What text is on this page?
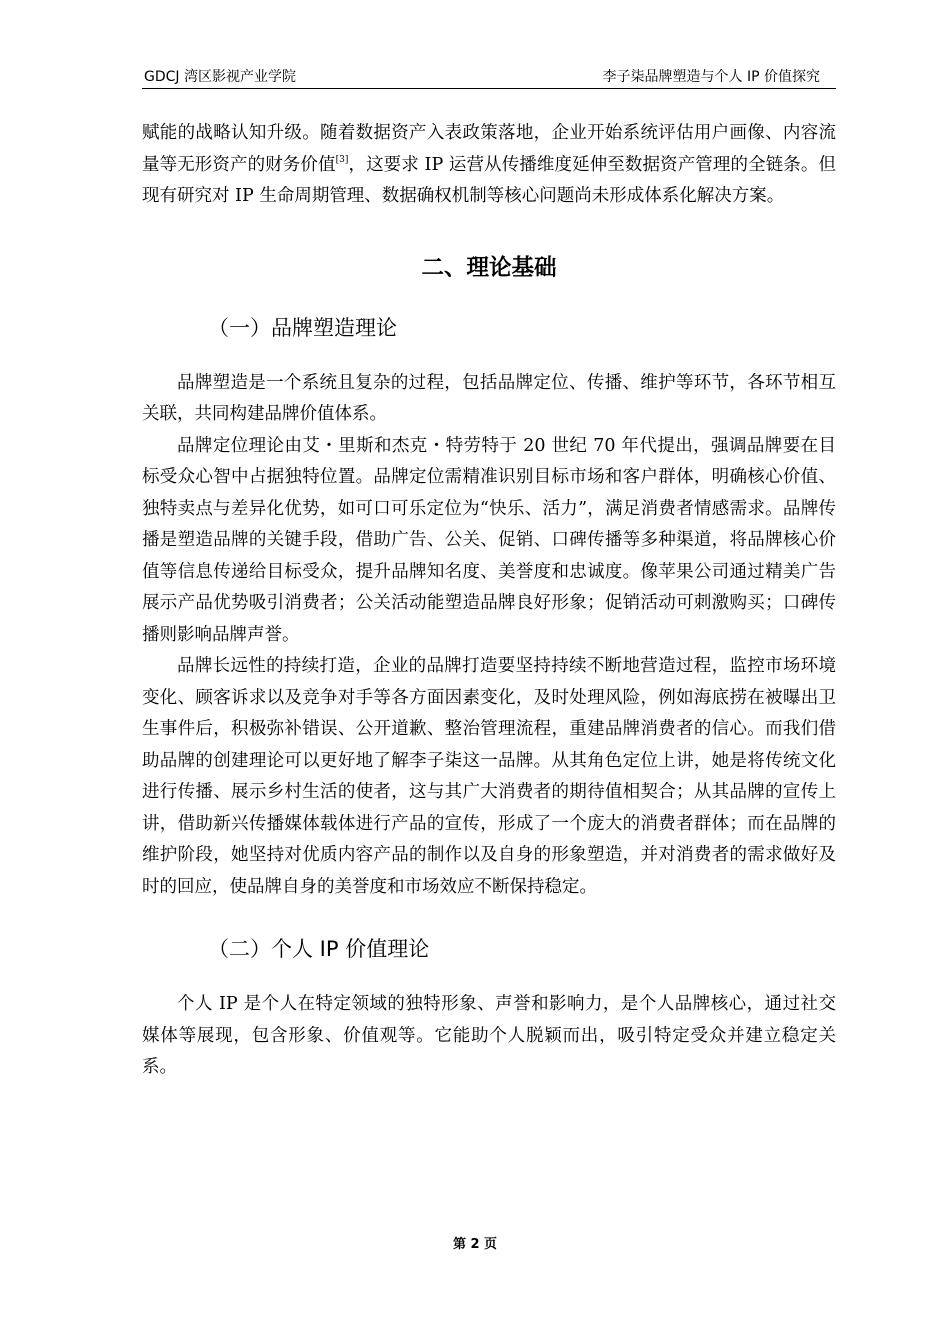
GDCJ 湾区影视产业学院	李子柒品牌塑造与个人 IP 价值探究

赋能的战略认知升级。随着数据资产入表政策落地，企业开始系统评估用户画像、内容流量等无形资产的财务价值[3]，这要求 IP 运营从传播维度延伸至数据资产管理的全链条。但现有研究对 IP 生命周期管理、数据确权机制等核心问题尚未形成体系化解决方案。

二、理论基础
（一）品牌塑造理论

品牌塑造是一个系统且复杂的过程，包括品牌定位、传播、维护等环节，各环节相互关联，共同构建品牌价值体系。

品牌定位理论由艾・里斯和杰克・特劳特于 20 世纪 70 年代提出，强调品牌要在目标受众心智中占据独特位置。品牌定位需精准识别目标市场和客户群体，明确核心价值、独特卖点与差异化优势，如可口可乐定位为“快乐、活力”，满足消费者情感需求。品牌传播是塑造品牌的关键手段，借助广告、公关、促销、口碑传播等多种渠道，将品牌核心价值等信息传递给目标受众，提升品牌知名度、美誉度和忠诚度。像苹果公司通过精美广告展示产品优势吸引消费者；公关活动能塑造品牌良好形象；促销活动可刺激购买；口碑传播则影响品牌声誉。

品牌长远性的持续打造，企业的品牌打造要坚持持续不断地营造过程，监控市场环境变化、顾客诉求以及竞争对手等各方面因素变化，及时处理风险，例如海底捞在被曝出卫生事件后，积极弥补错误、公开道歉、整治管理流程，重建品牌消费者的信心。而我们借助品牌的创建理论可以更好地了解李子柒这一品牌。从其角色定位上讲，她是将传统文化进行传播、展示乡村生活的使者，这与其广大消费者的期待值相契合；从其品牌的宣传上讲，借助新兴传播媒体载体进行产品的宣传，形成了一个庞大的消费者群体；而在品牌的维护阶段，她坚持对优质内容产品的制作以及自身的形象塑造，并对消费者的需求做好及时的回应，使品牌自身的美誉度和市场效应不断保持稳定。

（二）个人 IP 价值理论

个人 IP 是个人在特定领域的独特形象、声誉和影响力，是个人品牌核心，通过社交媒体等展现，包含形象、价值观等。它能助个人脱颖而出，吸引特定受众并建立稳定关系。

第 2 页
